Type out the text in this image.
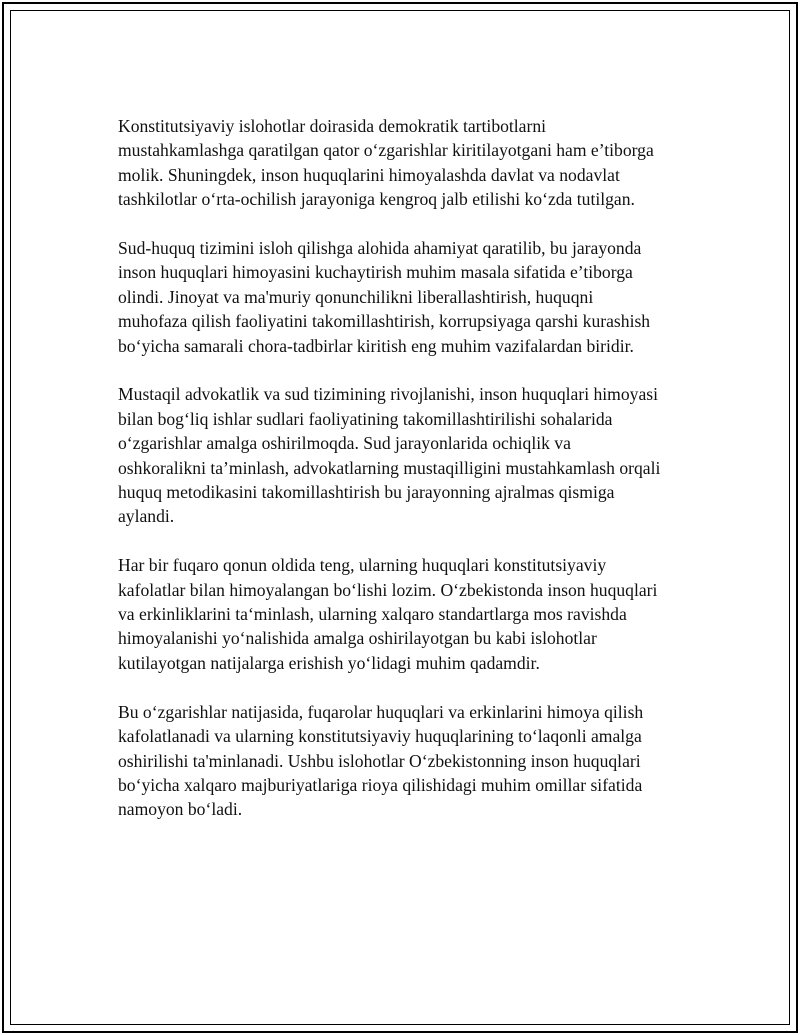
Konstitutsiyaviy islohotlar doirasida demokratik tartibotlarni
mustahkamlashga qaratilgan qator o‘zgarishlar kiritilayotgani ham e’tiborga
molik. Shuningdek, inson huquqlarini himoyalashda davlat va nodavlat
tashkilotlar o‘rta-ochilish jarayoniga kengroq jalb etilishi ko‘zda tutilgan.

Sud-huquq tizimini isloh qilishga alohida ahamiyat qaratilib, bu jarayonda
inson huquqlari himoyasini kuchaytirish muhim masala sifatida e’tiborga
olindi. Jinoyat va ma'muriy qonunchilikni liberallashtirish, huquqni
muhofaza qilish faoliyatini takomillashtirish, korrupsiyaga qarshi kurashish
bo‘yicha samarali chora-tadbirlar kiritish eng muhim vazifalardan biridir.

Mustaqil advokatlik va sud tizimining rivojlanishi, inson huquqlari himoyasi
bilan bog‘liq ishlar sudlari faoliyatining takomillashtirilishi sohalarida
o‘zgarishlar amalga oshirilmoqda. Sud jarayonlarida ochiqlik va
oshkoralikni ta’minlash, advokatlarning mustaqilligini mustahkamlash orqali
huquq metodikasini takomillashtirish bu jarayonning ajralmas qismiga
aylandi.

Har bir fuqaro qonun oldida teng, ularning huquqlari konstitutsiyaviy
kafolatlar bilan himoyalangan bo‘lishi lozim. O‘zbekistonda inson huquqlari
va erkinliklarini ta‘minlash, ularning xalqaro standartlarga mos ravishda
himoyalanishi yo‘nalishida amalga oshirilayotgan bu kabi islohotlar
kutilayotgan natijalarga erishish yo‘lidagi muhim qadamdir.

Bu o‘zgarishlar natijasida, fuqarolar huquqlari va erkinlarini himoya qilish
kafolatlanadi va ularning konstitutsiyaviy huquqlarining to‘laqonli amalga
oshirilishi ta'minlanadi. Ushbu islohotlar O‘zbekistonning inson huquqlari
bo‘yicha xalqaro majburiyatlariga rioya qilishidagi muhim omillar sifatida
namoyon bo‘ladi.
